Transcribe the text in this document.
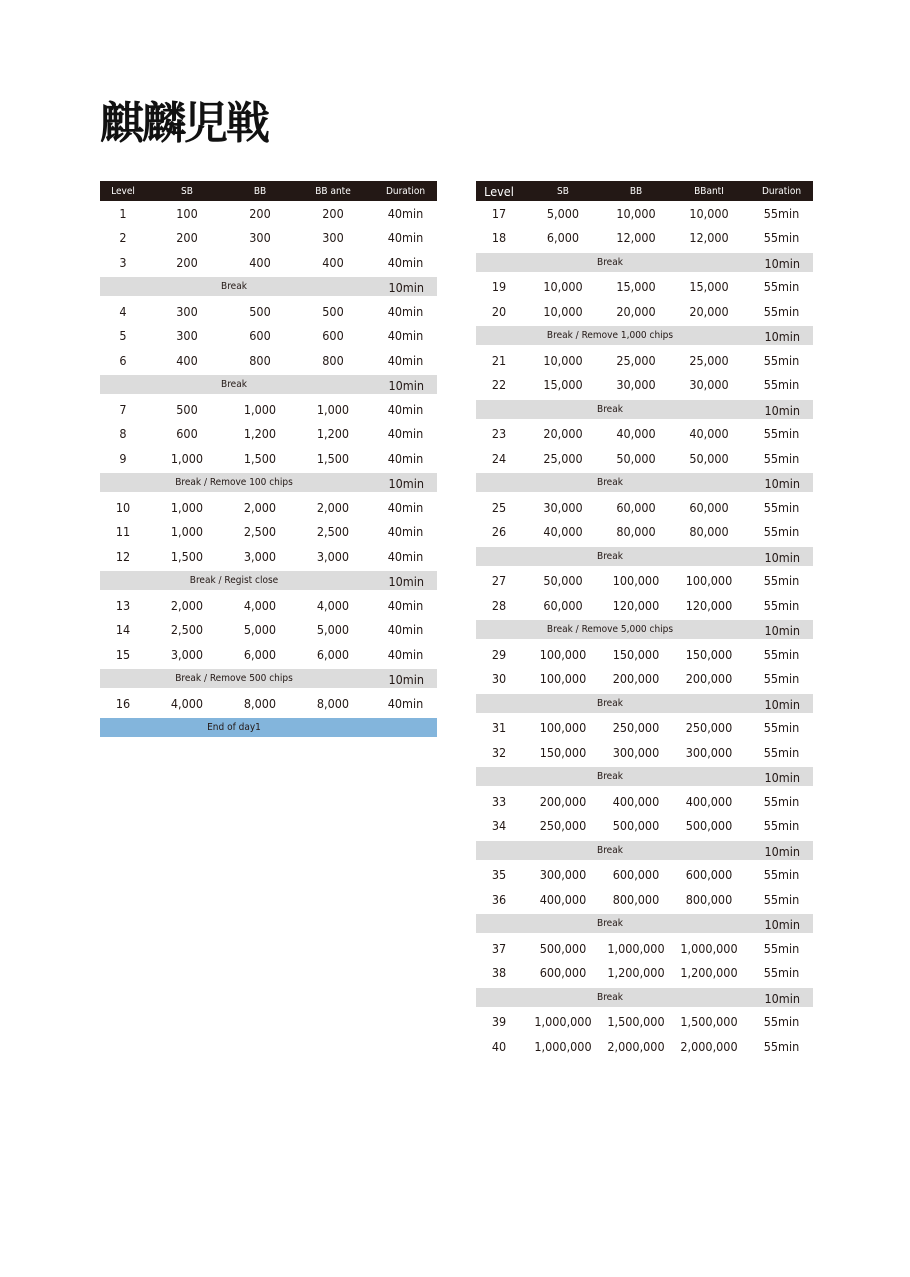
麒麟児戦
Level	SB	BB	BB ante	Duration
1	100	200	200	40min
2	200	300	300	40min
3	200	400	400	40min
Break	10min
4	300	500	500	40min
5	300	600	600	40min
6	400	800	800	40min
Break	10min
7	500	1,000	1,000	40min
8	600	1,200	1,200	40min
9	1,000	1,500	1,500	40min
Break / Remove 100 chips	10min
10	1,000	2,000	2,000	40min
11	1,000	2,500	2,500	40min
12	1,500	3,000	3,000	40min
Break / Regist close	10min
13	2,000	4,000	4,000	40min
14	2,500	5,000	5,000	40min
15	3,000	6,000	6,000	40min
Break / Remove 500 chips	10min
16	4,000	8,000	8,000	40min
End of day1
Level	SB	BB	BBantI	Duration
17	5,000	10,000	10,000	55min
18	6,000	12,000	12,000	55min
Break	10min
19	10,000	15,000	15,000	55min
20	10,000	20,000	20,000	55min
Break / Remove 1,000 chips	10min
21	10,000	25,000	25,000	55min
22	15,000	30,000	30,000	55min
Break	10min
23	20,000	40,000	40,000	55min
24	25,000	50,000	50,000	55min
Break	10min
25	30,000	60,000	60,000	55min
26	40,000	80,000	80,000	55min
Break	10min
27	50,000	100,000	100,000	55min
28	60,000	120,000	120,000	55min
Break / Remove 5,000 chips	10min
29	100,000	150,000	150,000	55min
30	100,000	200,000	200,000	55min
Break	10min
31	100,000	250,000	250,000	55min
32	150,000	300,000	300,000	55min
Break	10min
33	200,000	400,000	400,000	55min
34	250,000	500,000	500,000	55min
Break	10min
35	300,000	600,000	600,000	55min
36	400,000	800,000	800,000	55min
Break	10min
37	500,000	1,000,000	1,000,000	55min
38	600,000	1,200,000	1,200,000	55min
Break	10min
39	1,000,000	1,500,000	1,500,000	55min
40	1,000,000	2,000,000	2,000,000	55min
